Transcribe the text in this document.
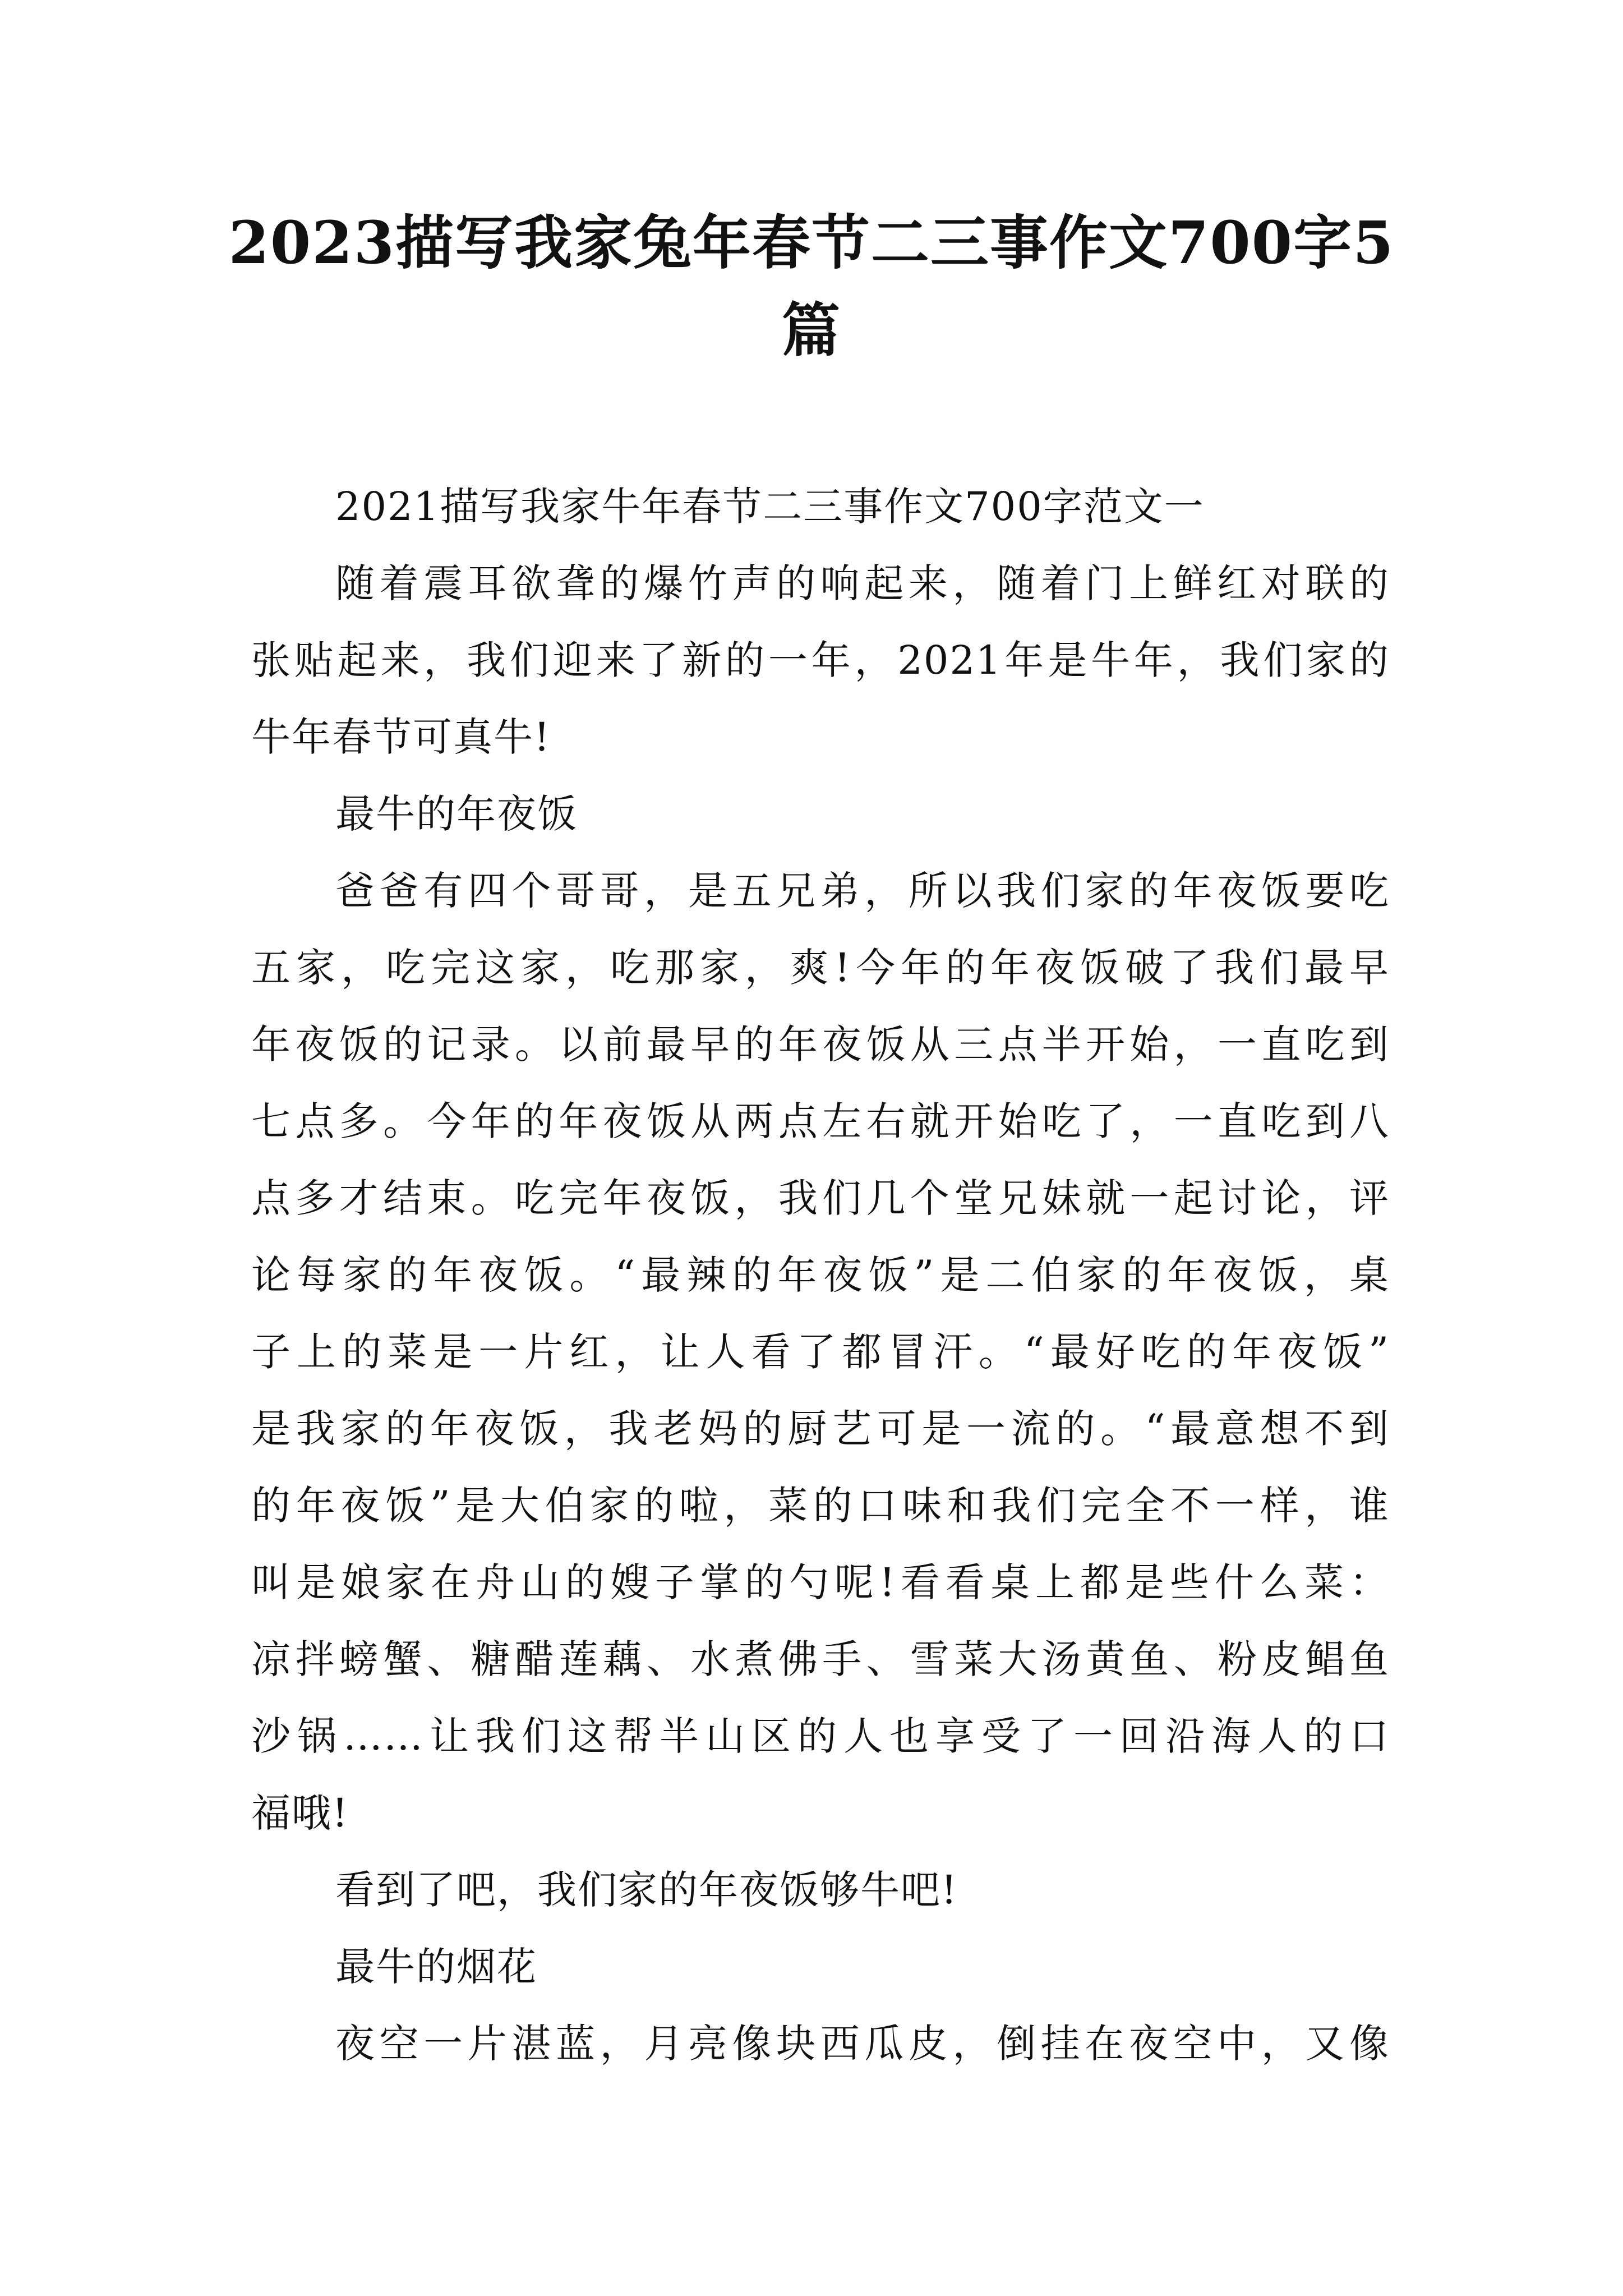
2023描写我家兔年春节二三事作文700字5篇
2021描写我家牛年春节二三事作文700字范文一
随着震耳欲聋的爆竹声的响起来，随着门上鲜红对联的
张贴起来，我们迎来了新的一年，2021年是牛年，我们家的
牛年春节可真牛!
最牛的年夜饭
爸爸有四个哥哥，是五兄弟，所以我们家的年夜饭要吃
五家，吃完这家，吃那家，爽!今年的年夜饭破了我们最早
年夜饭的记录。以前最早的年夜饭从三点半开始，一直吃到
七点多。今年的年夜饭从两点左右就开始吃了，一直吃到八
点多才结束。吃完年夜饭，我们几个堂兄妹就一起讨论，评
论每家的年夜饭。“最辣的年夜饭”是二伯家的年夜饭，桌
子上的菜是一片红，让人看了都冒汗。“最好吃的年夜饭”
是我家的年夜饭，我老妈的厨艺可是一流的。“最意想不到
的年夜饭”是大伯家的啦，菜的口味和我们完全不一样，谁
叫是娘家在舟山的嫂子掌的勺呢!看看桌上都是些什么菜：
凉拌螃蟹、糖醋莲藕、水煮佛手、雪菜大汤黄鱼、粉皮鲳鱼
沙锅……让我们这帮半山区的人也享受了一回沿海人的口
福哦!
看到了吧，我们家的年夜饭够牛吧!
最牛的烟花
夜空一片湛蓝，月亮像块西瓜皮，倒挂在夜空中，又像
